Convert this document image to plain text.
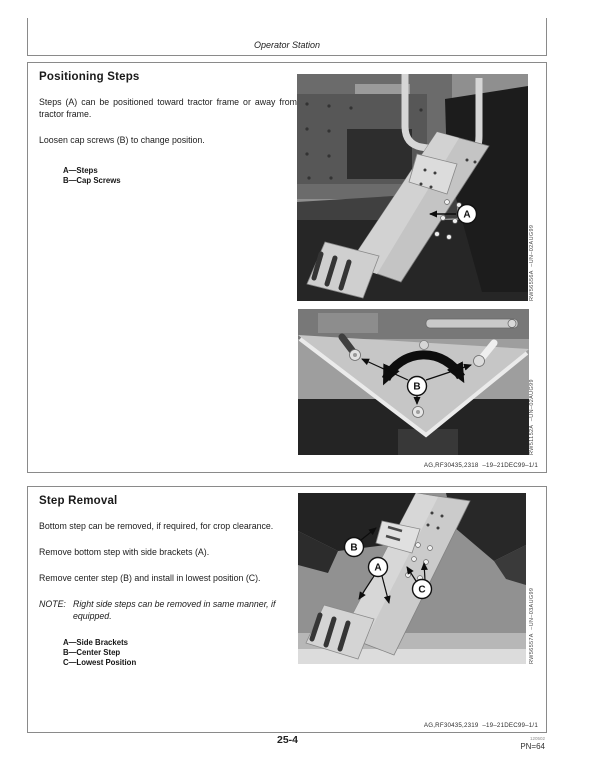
Operator Station
Positioning Steps

Steps (A) can be positioned toward tractor frame or away from tractor frame.

Loosen cap screws (B) to change position.

A—Steps
B—Cap Screws
A
B
RW56556A  –UN–02AUG99
RW51152A  –UN–02AUG99
AG,RF30435,2318  –19–21DEC99–1/1
Step Removal

Bottom step can be removed, if required, for crop clearance.

Remove bottom step with side brackets (A).

Remove center step (B) and install in lowest position (C).

NOTE: Right side steps can be removed in same manner, if equipped.
A—Side Brackets
B—Center Step
C—Lowest Position
B
A
C	RW56557A  –UN–03AUG99
AG,RF30435,2319  –19–21DEC99–1/1
25-4	120502
PN=64
